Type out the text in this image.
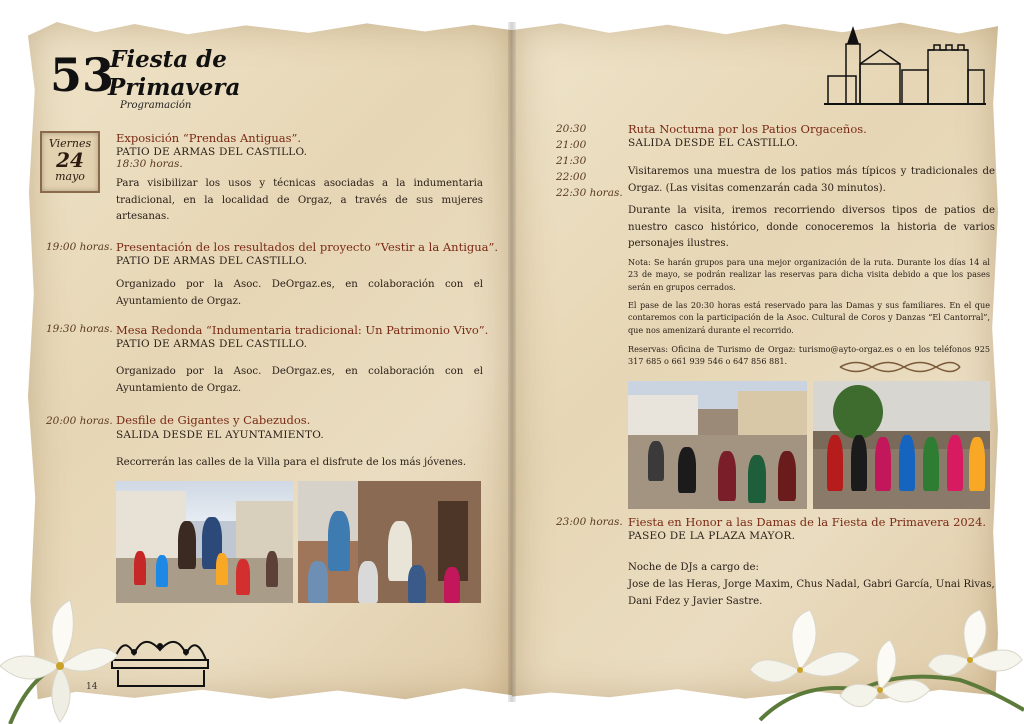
53
Fiesta de
Primavera
Programación
Viernes
24
mayo
Exposición “Prendas Antiguas”.
PATIO DE ARMAS DEL CASTILLO.
18:30 horas.
Para visibilizar los usos y técnicas asociadas a la indumentaria tradicional, en la localidad de Orgaz, a través de sus mujeres artesanas.
19:00 horas. Presentación de los resultados del proyecto “Vestir a la Antigua”.
PATIO DE ARMAS DEL CASTILLO.
Organizado por la Asoc. DeOrgaz.es, en colaboración con el Ayuntamiento de Orgaz.
19:30 horas. Mesa Redonda “Indumentaria tradicional: Un Patrimonio Vivo”.
PATIO DE ARMAS DEL CASTILLO.
Organizado por la Asoc. DeOrgaz.es, en colaboración con el Ayuntamiento de Orgaz.
20:00 horas. Desfile de Gigantes y Cabezudos.
SALIDA DESDE EL AYUNTAMIENTO.
Recorrerán las calles de la Villa para el disfrute de los más jóvenes.
14
20:30
21:00
21:30
22:00
22:30 horas.
Ruta Nocturna por los Patios Orgaceños.
SALIDA DESDE EL CASTILLO.
Visitaremos una muestra de los patios más típicos y tradicionales de Orgaz. (Las visitas comenzarán cada 30 minutos).
Durante la visita, iremos recorriendo diversos tipos de patios de nuestro casco histórico, donde conoceremos la historia de varios personajes ilustres.
Nota: Se harán grupos para una mejor organización de la ruta. Durante los días 14 al 23 de mayo, se podrán realizar las reservas para dicha visita debido a que los pases serán en grupos cerrados.
El pase de las 20:30 horas está reservado para las Damas y sus familiares. En el que contaremos con la participación de la Asoc. Cultural de Coros y Danzas “El Cantorral”, que nos amenizará durante el recorrido.
Reservas: Oficina de Turismo de Orgaz: turismo@ayto-orgaz.es o en los teléfonos 925 317 685 o 661 939 546 o 647 856 881.
23:00 horas. Fiesta en Honor a las Damas de la Fiesta de Primavera 2024.
PASEO DE LA PLAZA MAYOR.
Noche de DJs a cargo de:
Jose de las Heras, Jorge Maxim, Chus Nadal, Gabri García, Unai Rivas, Dani Fdez y Javier Sastre.
